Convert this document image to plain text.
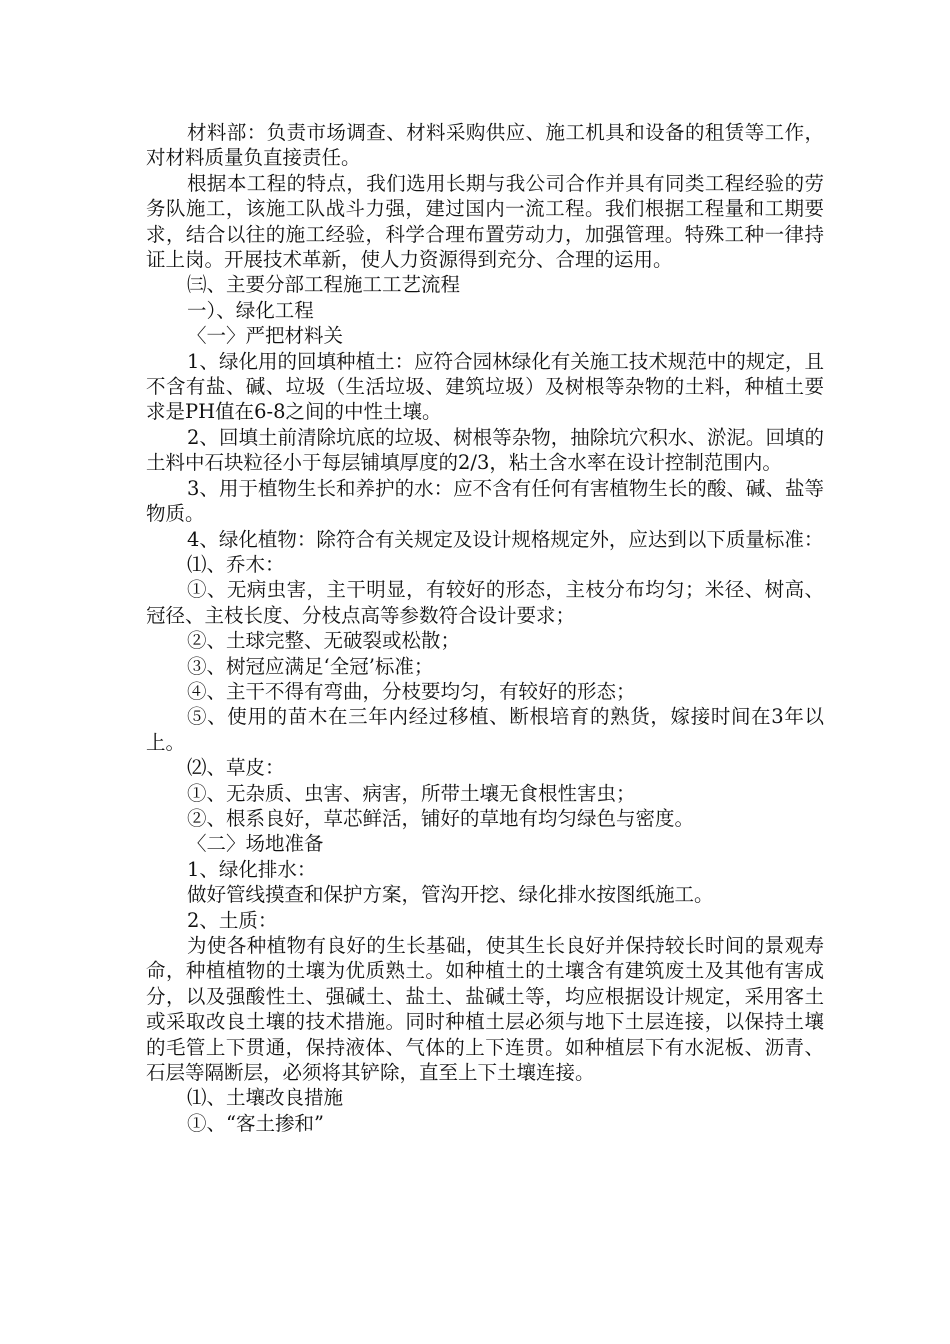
材料部：负责市场调查、材料采购供应、施工机具和设备的租赁等工作，对材料质量负直接责任。

根据本工程的特点，我们选用长期与我公司合作并具有同类工程经验的劳务队施工，该施工队战斗力强，建过国内一流工程。我们根据工程量和工期要求，结合以往的施工经验，科学合理布置劳动力，加强管理。特殊工种一律持证上岗。开展技术革新，使人力资源得到充分、合理的运用。

㈢、主要分部工程施工工艺流程

一）、绿化工程

〈一〉严把材料关

1、绿化用的回填种植土：应符合园林绿化有关施工技术规范中的规定，且不含有盐、碱、垃圾（生活垃圾、建筑垃圾）及树根等杂物的土料，种植土要求是PH值在6-8之间的中性土壤。

2、回填土前清除坑底的垃圾、树根等杂物，抽除坑穴积水、淤泥。回填的土料中石块粒径小于每层铺填厚度的2/3，粘土含水率在设计控制范围内。

3、用于植物生长和养护的水：应不含有任何有害植物生长的酸、碱、盐等物质。

4、绿化植物：除符合有关规定及设计规格规定外，应达到以下质量标准：

⑴、乔木：

①、无病虫害，主干明显，有较好的形态，主枝分布均匀；米径、树高、冠径、主枝长度、分枝点高等参数符合设计要求；

②、土球完整、无破裂或松散；

③、树冠应满足‘全冠’标准；

④、主干不得有弯曲，分枝要均匀，有较好的形态；

⑤、使用的苗木在三年内经过移植、断根培育的熟货，嫁接时间在3年以上。

⑵、草皮：

①、无杂质、虫害、病害，所带土壤无食根性害虫；

②、根系良好，草芯鲜活，铺好的草地有均匀绿色与密度。

〈二〉场地准备

1、绿化排水：

做好管线摸查和保护方案，管沟开挖、绿化排水按图纸施工。

2、土质：

为使各种植物有良好的生长基础，使其生长良好并保持较长时间的景观寿命，种植植物的土壤为优质熟土。如种植土的土壤含有建筑废土及其他有害成分，以及强酸性土、强碱土、盐土、盐碱土等，均应根据设计规定，采用客土或采取改良土壤的技术措施。同时种植土层必须与地下土层连接，以保持土壤的毛管上下贯通，保持液体、气体的上下连贯。如种植层下有水泥板、沥青、石层等隔断层，必须将其铲除，直至上下土壤连接。

⑴、土壤改良措施

①、“客土掺和”
